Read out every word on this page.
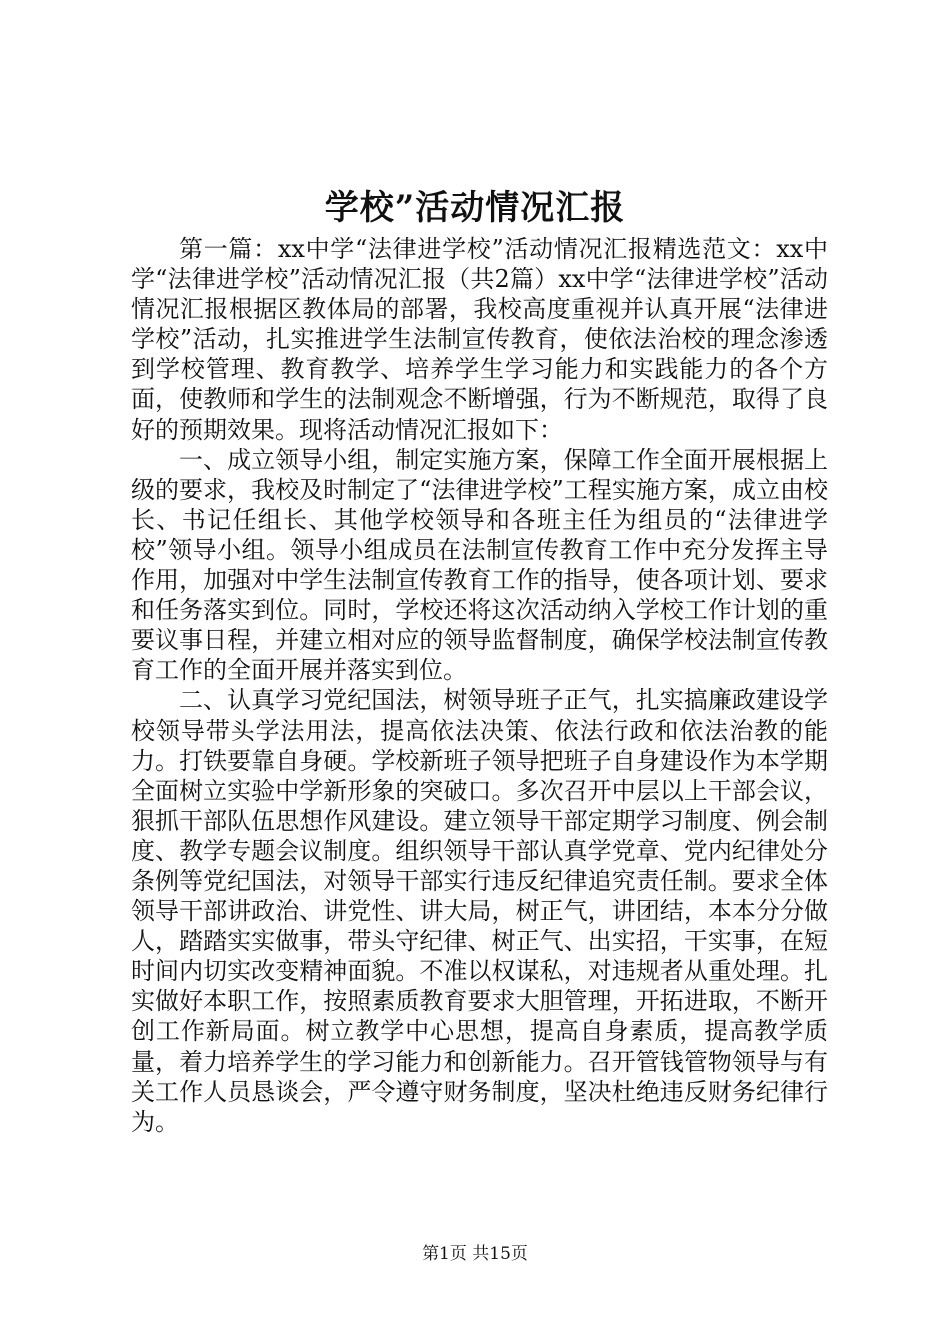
学校”活动情况汇报

第一篇：xx中学“法律进学校”活动情况汇报精选范文：xx中学“法律进学校”活动情况汇报（共2篇）xx中学“法律进学校”活动情况汇报根据区教体局的部署，我校高度重视并认真开展“法律进学校”活动，扎实推进学生法制宣传教育，使依法治校的理念渗透到学校管理、教育教学、培养学生学习能力和实践能力的各个方面，使教师和学生的法制观念不断增强，行为不断规范，取得了良好的预期效果。现将活动情况汇报如下：

一、成立领导小组，制定实施方案，保障工作全面开展根据上级的要求，我校及时制定了“法律进学校”工程实施方案，成立由校长、书记任组长、其他学校领导和各班主任为组员的“法律进学校”领导小组。领导小组成员在法制宣传教育工作中充分发挥主导作用，加强对中学生法制宣传教育工作的指导，使各项计划、要求和任务落实到位。同时，学校还将这次活动纳入学校工作计划的重要议事日程，并建立相对应的领导监督制度，确保学校法制宣传教育工作的全面开展并落实到位。

二、认真学习党纪国法，树领导班子正气，扎实搞廉政建设学校领导带头学法用法，提高依法决策、依法行政和依法治教的能力。打铁要靠自身硬。学校新班子领导把班子自身建设作为本学期全面树立实验中学新形象的突破口。多次召开中层以上干部会议，狠抓干部队伍思想作风建设。建立领导干部定期学习制度、例会制度、教学专题会议制度。组织领导干部认真学党章、党内纪律处分条例等党纪国法，对领导干部实行违反纪律追究责任制。要求全体领导干部讲政治、讲党性、讲大局，树正气，讲团结，本本分分做人，踏踏实实做事，带头守纪律、树正气、出实招，干实事，在短时间内切实改变精神面貌。不准以权谋私，对违规者从重处理。扎实做好本职工作，按照素质教育要求大胆管理，开拓进取，不断开创工作新局面。树立教学中心思想，提高自身素质，提高教学质量，着力培养学生的学习能力和创新能力。召开管钱管物领导与有关工作人员恳谈会，严令遵守财务制度，坚决杜绝违反财务纪律行为。

第1页 共15页
